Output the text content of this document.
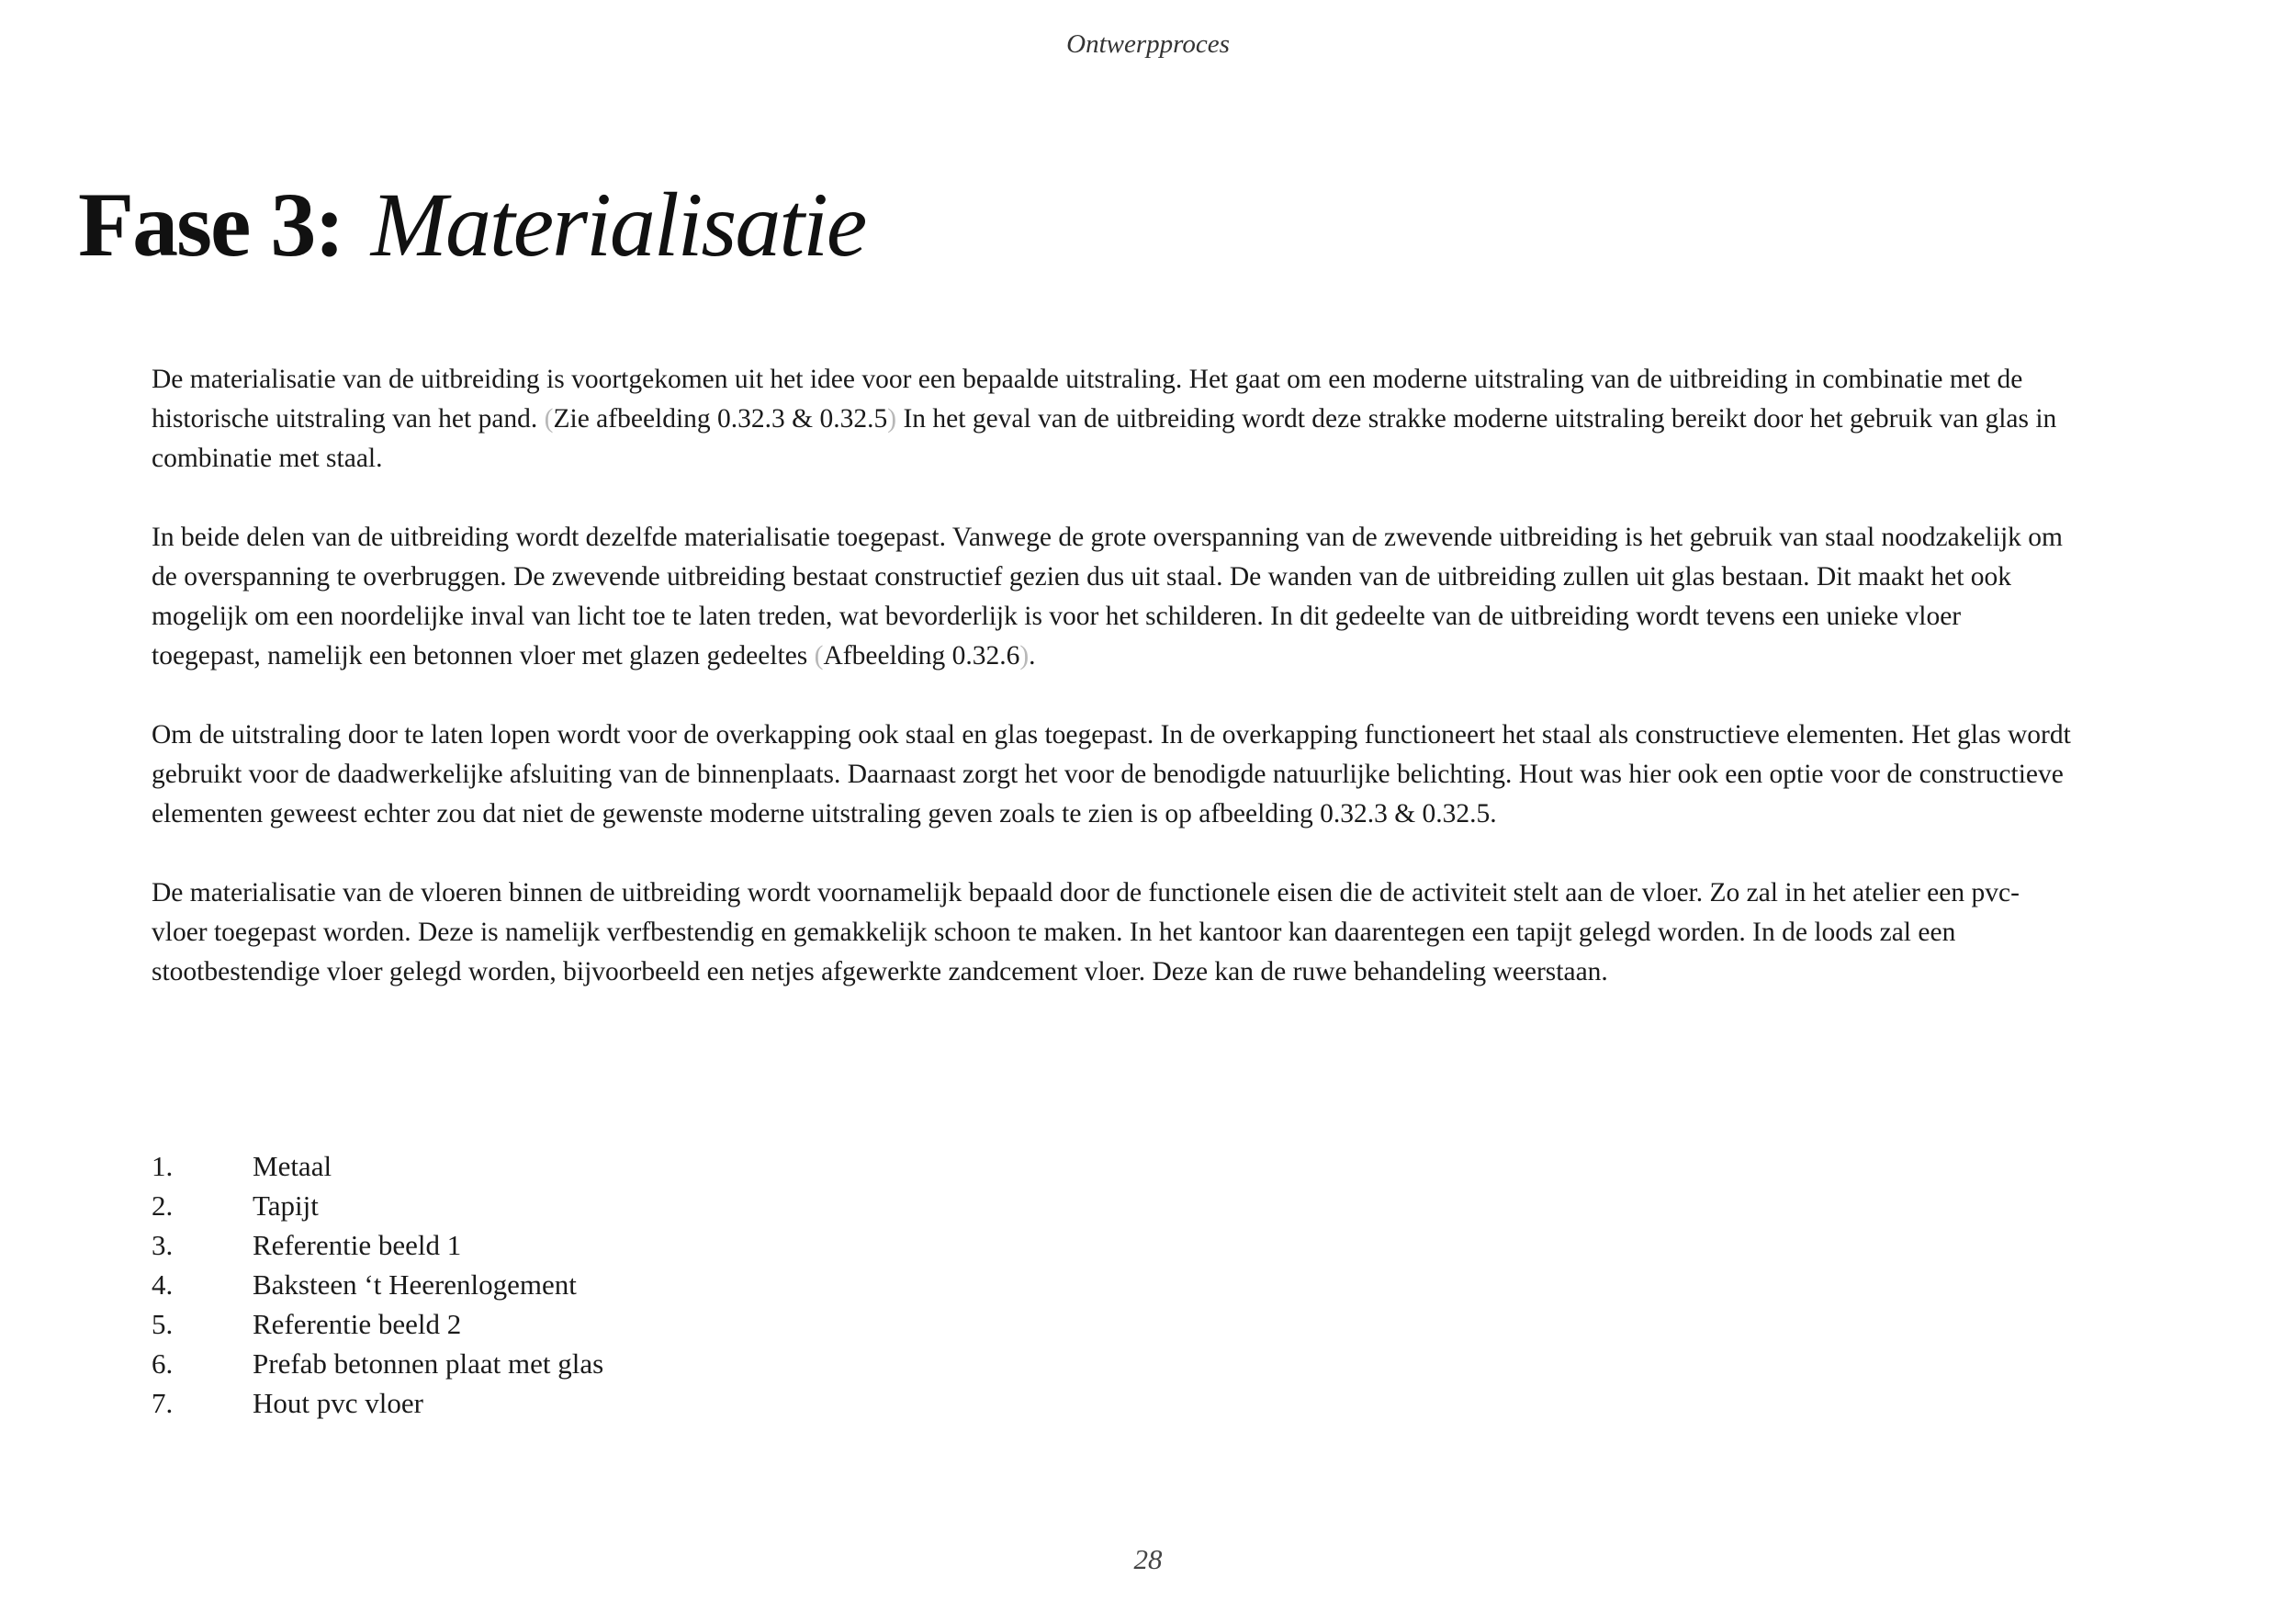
Ontwerpproces
Fase 3: Materialisatie

De materialisatie van de uitbreiding is voortgekomen uit het idee voor een bepaalde uitstraling. Het gaat om een moderne uitstraling van de uitbreiding in combinatie met de historische uitstraling van het pand. (Zie afbeelding 0.32.3 & 0.32.5) In het geval van de uitbreiding wordt deze strakke moderne uitstraling bereikt door het gebruik van glas in combinatie met staal.

In beide delen van de uitbreiding wordt dezelfde materialisatie toegepast. Vanwege de grote overspanning van de zwevende uitbreiding is het gebruik van staal noodzakelijk om de overspanning te overbruggen. De zwevende uitbreiding bestaat constructief gezien dus uit staal. De wanden van de uitbreiding zullen uit glas bestaan. Dit maakt het ook mogelijk om een noordelijke inval van licht toe te laten treden, wat bevorderlijk is voor het schilderen. In dit gedeelte van de uitbreiding wordt tevens een unieke vloer toegepast, namelijk een betonnen vloer met glazen gedeeltes (Afbeelding 0.32.6).

Om de uitstraling door te laten lopen wordt voor de overkapping ook staal en glas toegepast. In de overkapping functioneert het staal als constructieve elementen. Het glas wordt gebruikt voor de daadwerkelijke afsluiting van de binnenplaats. Daarnaast zorgt het voor de benodigde natuurlijke belichting. Hout was hier ook een optie voor de constructieve elementen geweest echter zou dat niet de gewenste moderne uitstraling geven zoals te zien is op afbeelding 0.32.3 & 0.32.5.

De materialisatie van de vloeren binnen de uitbreiding wordt voornamelijk bepaald door de functionele eisen die de activiteit stelt aan de vloer. Zo zal in het atelier een pvc-vloer toegepast worden. Deze is namelijk verfbestendig en gemakkelijk schoon te maken. In het kantoor kan daarentegen een tapijt gelegd worden. In de loods zal een stootbestendige vloer gelegd worden, bijvoorbeeld een netjes afgewerkte zandcement vloer. Deze kan de ruwe behandeling weerstaan.

1.	Metaal
2.	Tapijt
3.	Referentie beeld 1
4.	Baksteen ‘t Heerenlogement
5.	Referentie beeld 2
6.	Prefab betonnen plaat met glas
7.	Hout pvc vloer
28
